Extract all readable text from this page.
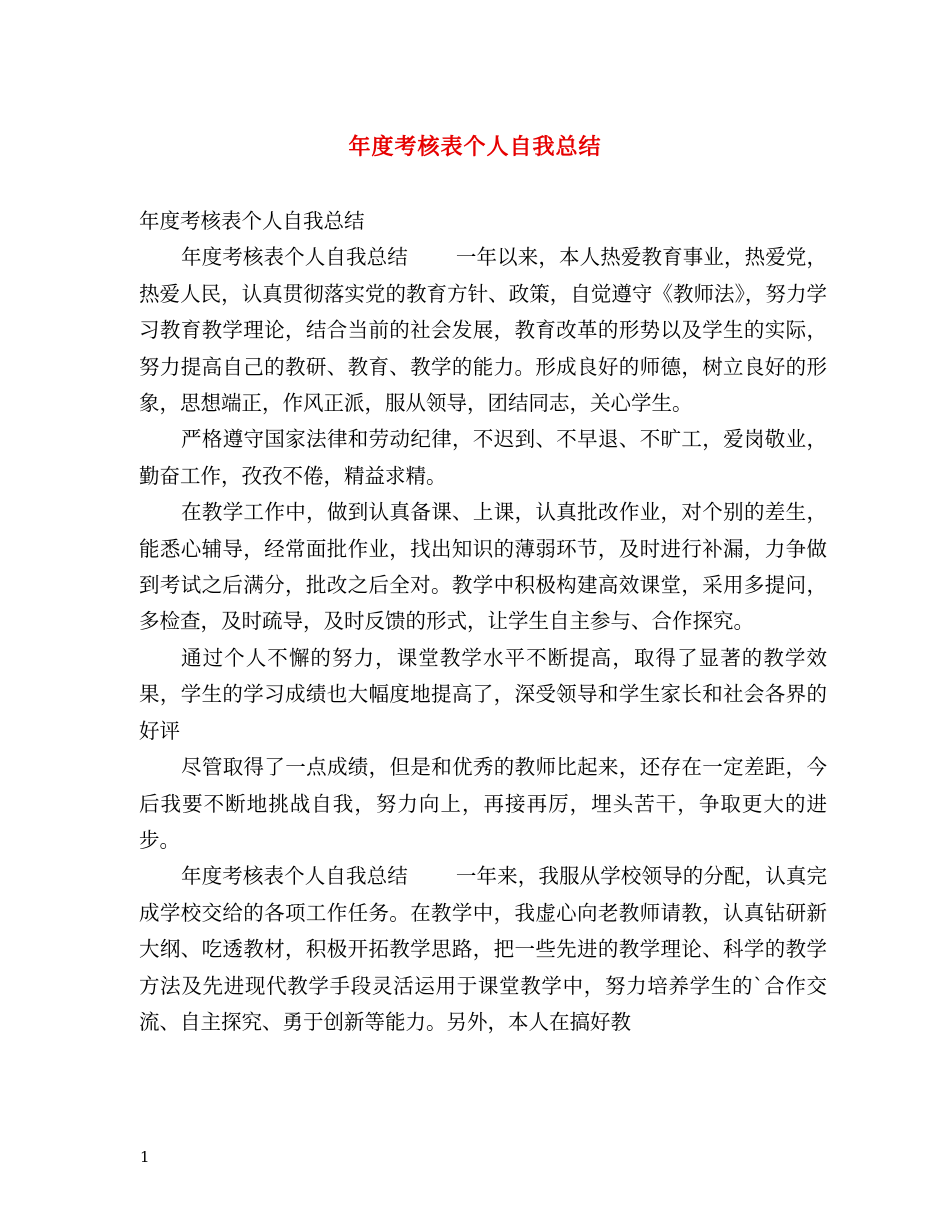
年度考核表个人自我总结

年度考核表个人自我总结

年度考核表个人自我总结 　　一年以来，本人热爱教育事业，热爱党，热爱人民，认真贯彻落实党的教育方针、政策，自觉遵守《教师法》，努力学习教育教学理论，结合当前的社会发展，教育改革的形势以及学生的实际，努力提高自己的教研、教育、教学的能力。形成良好的师德，树立良好的形象，思想端正，作风正派，服从领导，团结同志，关心学生。

严格遵守国家法律和劳动纪律，不迟到、不早退、不旷工，爱岗敬业，勤奋工作，孜孜不倦，精益求精。

在教学工作中，做到认真备课、上课，认真批改作业，对个别的差生，能悉心辅导，经常面批作业，找出知识的薄弱环节，及时进行补漏，力争做到考试之后满分，批改之后全对。教学中积极构建高效课堂，采用多提问，多检查，及时疏导，及时反馈的形式，让学生自主参与、合作探究。

通过个人不懈的努力，课堂教学水平不断提高，取得了显著的教学效果，学生的学习成绩也大幅度地提高了，深受领导和学生家长和社会各界的好评

尽管取得了一点成绩，但是和优秀的教师比起来，还存在一定差距，今后我要不断地挑战自我，努力向上，再接再厉，埋头苦干，争取更大的进步。

年度考核表个人自我总结 　　一年来，我服从学校领导的分配，认真完成学校交给的各项工作任务。在教学中，我虚心向老教师请教，认真钻研新大纲、吃透教材，积极开拓教学思路，把一些先进的教学理论、科学的教学方法及先进现代教学手段灵活运用于课堂教学中，努力培养学生的`合作交流、自主探究、勇于创新等能力。另外，本人在搞好教

1
